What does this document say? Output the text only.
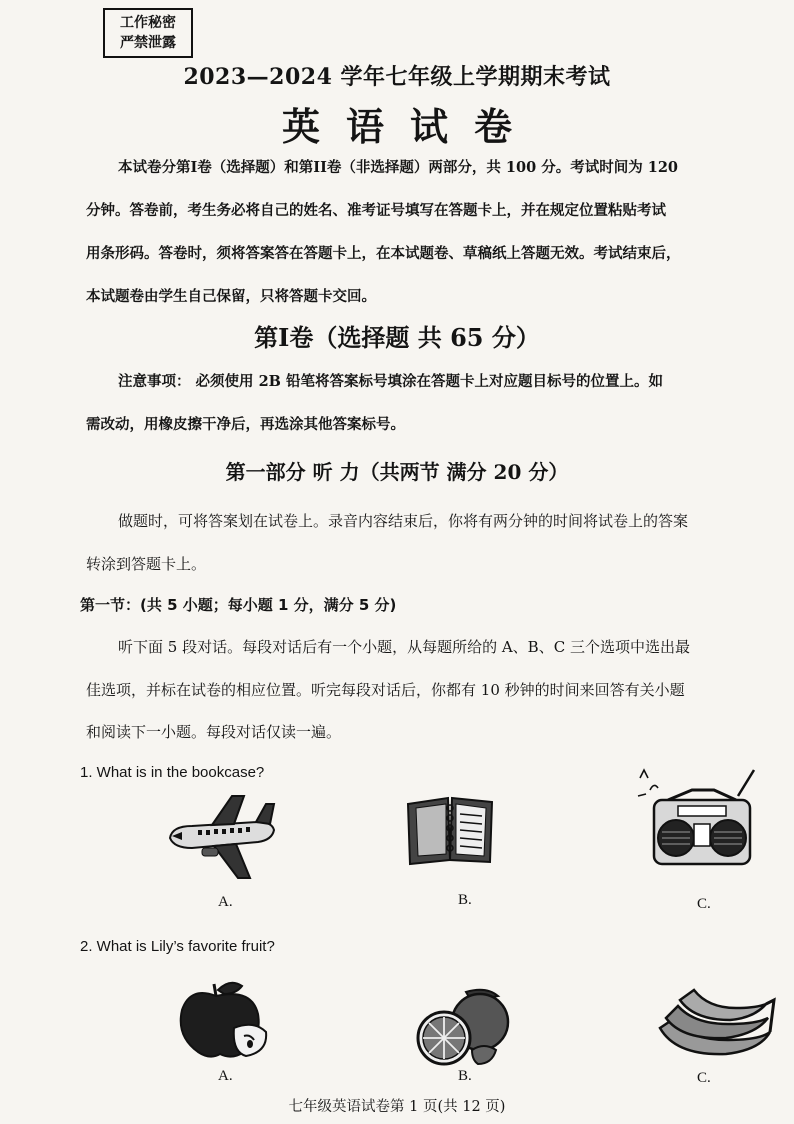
工作秘密
严禁泄露
2023—2024 学年七年级上学期期末考试
英语试卷
本试卷分第I卷（选择题）和第II卷（非选择题）两部分，共 100 分。考试时间为 120
分钟。答卷前，考生务必将自己的姓名、准考证号填写在答题卡上，并在规定位置粘贴考试
用条形码。答卷时，须将答案答在答题卡上，在本试题卷、草稿纸上答题无效。考试结束后，
本试题卷由学生自己保留，只将答题卡交回。
第I卷（选择题 共 65 分）
注意事项： 必须使用 2B 铅笔将答案标号填涂在答题卡上对应题目标号的位置上。如
需改动，用橡皮擦干净后，再选涂其他答案标号。
第一部分 听 力（共两节 满分 20 分）
做题时，可将答案划在试卷上。录音内容结束后，你将有两分钟的时间将试卷上的答案
转涂到答题卡上。
第一节：(共 5 小题；每小题 1 分，满分 5 分)
听下面 5 段对话。每段对话后有一个小题，从每题所给的 A、B、C 三个选项中选出最
佳选项，并标在试卷的相应位置。听完每段对话后，你都有 10 秒钟的时间来回答有关小题
和阅读下一小题。每段对话仅读一遍。
1. What is in the bookcase?
A.	B.	C.
2. What is Lily’s favorite fruit?
A.	B.	C.
七年级英语试卷第 1 页(共 12 页)
